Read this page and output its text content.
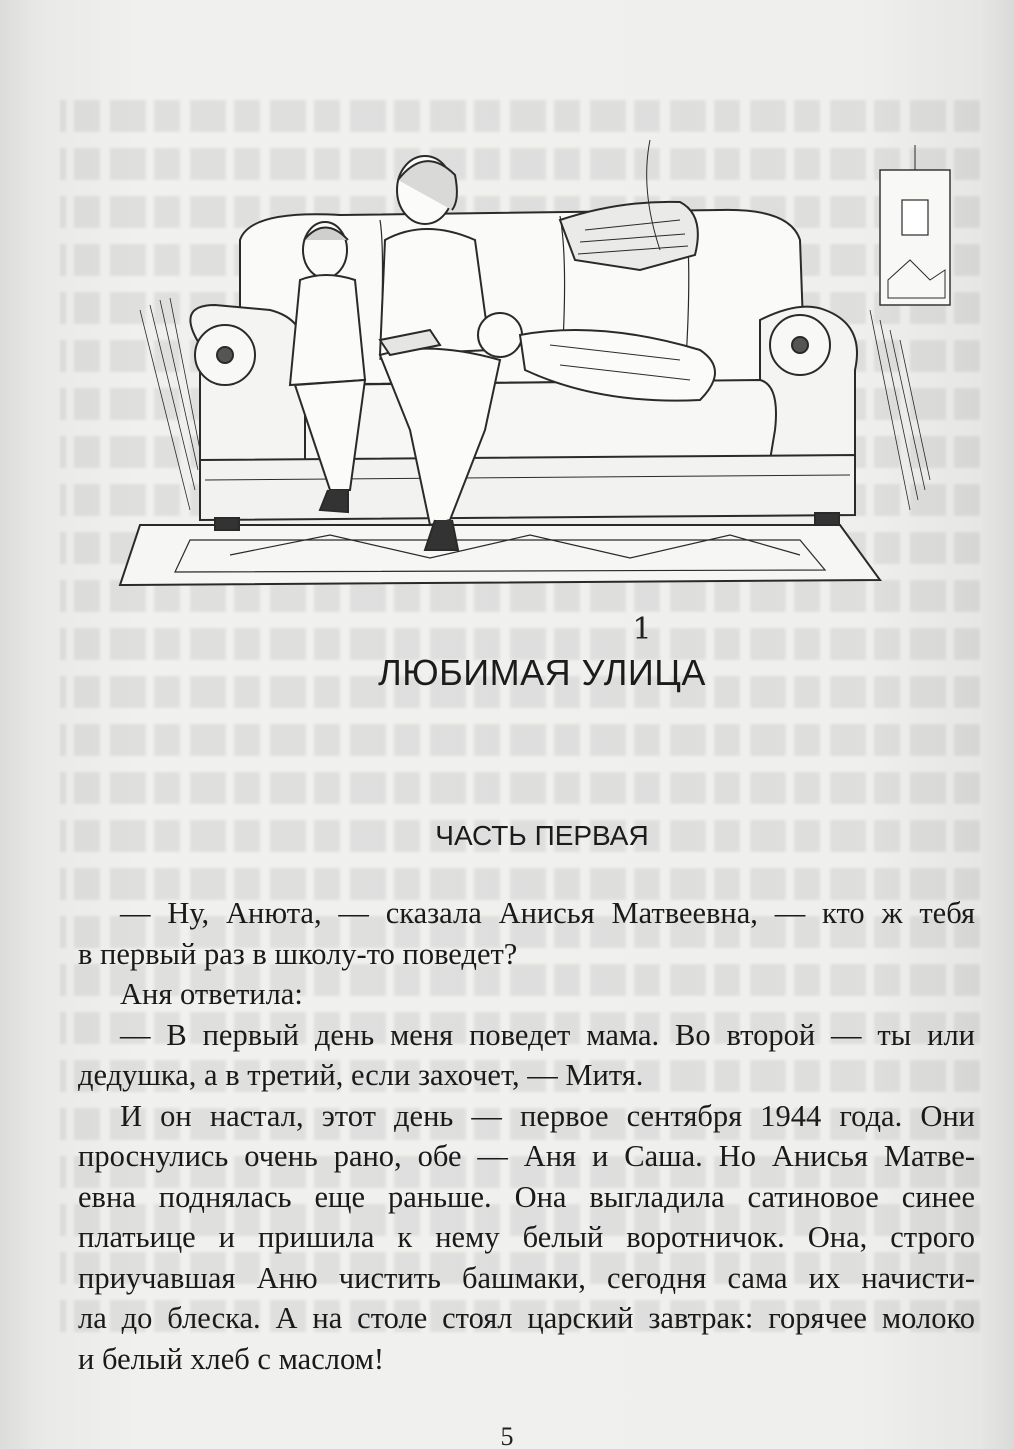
1
ЛЮБИМАЯ УЛИЦА
ЧАСТЬ ПЕРВАЯ
— Ну, Анюта, — сказала Анисья Матвеевна, — кто ж тебя
в первый раз в школу-то поведет?
Аня ответила:
— В первый день меня поведет мама. Во второй — ты или
дедушка, а в третий, если захочет, — Митя.
И он настал, этот день — первое сентября 1944 года. Они
проснулись очень рано, обе — Аня и Саша. Но Анисья Матве-
евна поднялась еще раньше. Она выгладила сатиновое синее
платьице и пришила к нему белый воротничок. Она, строго
приучавшая Аню чистить башмаки, сегодня сама их начисти-
ла до блеска. А на столе стоял царский завтрак: горячее молоко
и белый хлеб с маслом!
5
